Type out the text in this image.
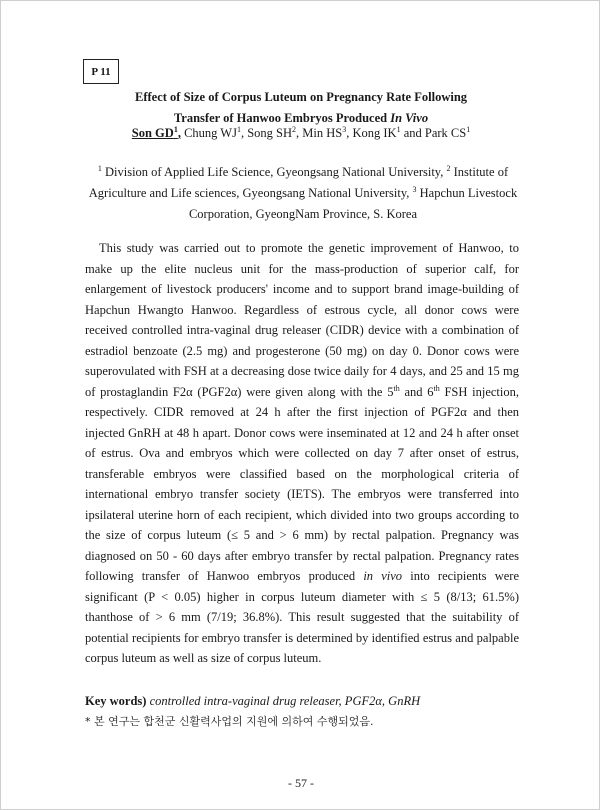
P 11
Effect of Size of Corpus Luteum on Pregnancy Rate Following
Transfer of Hanwoo Embryos Produced In Vivo
Son $GD^1$, Chung $WJ^1$, Song $SH^2$, Min $HS^3$, Kong $IK^1$ and Park $CS^1$
$^1$ Division of Applied Life Science, Gyeongsang National University, $^2$ Institute of Agriculture and Life sciences, Gyeongsang National University, $^3$ Hapchun Livestock Corporation, GyeongNam Province, S. Korea

This study was carried out to promote the genetic improvement of Hanwoo, to make up the elite nucleus unit for the mass-production of superior calf, for enlargement of livestock producers' income and to support brand image-building of Hapchun Hwangto Hanwoo. Regardless of estrous cycle, all donor cows were received controlled intra-vaginal drug releaser (CIDR) device with a combination of estradiol benzoate (2.5 mg) and progesterone (50 mg) on day 0. Donor cows were superovulated with FSH at a decreasing dose twice daily for 4 days, and 25 and 15 mg of prostaglandin F2α (PGF2α) were given along with the 5th and 6th FSH injection, respectively. CIDR removed at 24 h after the first injection of PGF2α and then injected GnRH at 48 h apart. Donor cows were inseminated at 12 and 24 h after onset of estrus. Ova and embryos which were collected on day 7 after onset of estrus, transferable embryos were classified based on the morphological criteria of international embryo transfer society (IETS). The embryos were transferred into ipsilateral uterine horn of each recipient, which divided into two groups according to the size of corpus luteum (≤ 5 and > 6 mm) by rectal palpation. Pregnancy was diagnosed on 50 - 60 days after embryo transfer by rectal palpation. Pregnancy rates following transfer of Hanwoo embryos produced in vivo into recipients were significant (P < 0.05) higher in corpus luteum diameter with ≤ 5 (8/13; 61.5%) thanthose of > 6 mm (7/19; 36.8%). This result suggested that the suitability of potential recipients for embryo transfer is determined by identified estrus and palpable corpus luteum as well as size of corpus luteum.

Key words) controlled intra-vaginal drug releaser, PGF2α, GnRH
* 본 연구는 합천군 신활력사업의 지원에 의하여 수행되었음.
- 57 -
